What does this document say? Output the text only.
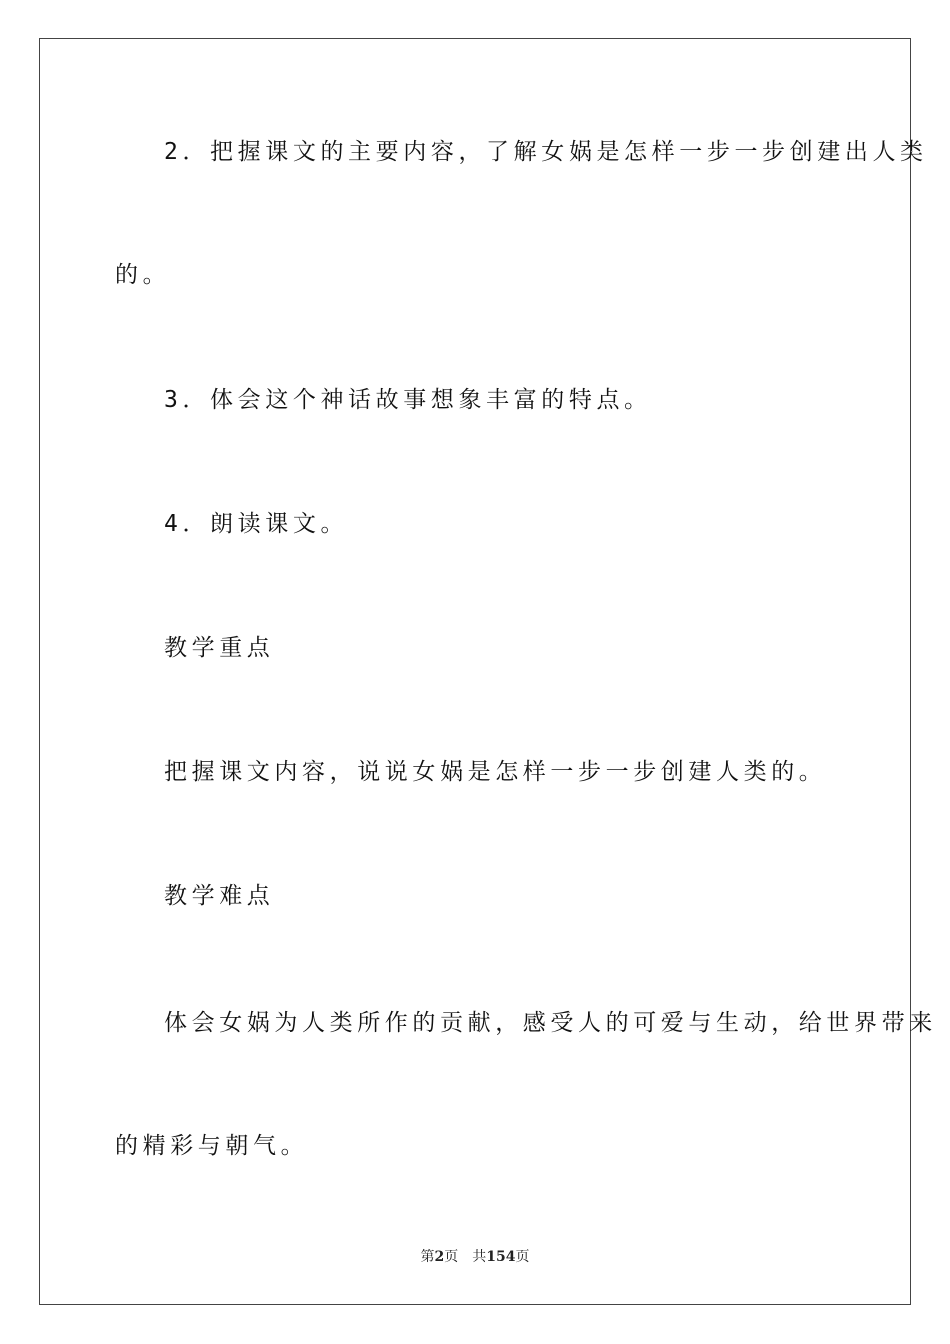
2．把握课文的主要内容，了解女娲是怎样一步一步创建出人类
的。
3．体会这个神话故事想象丰富的特点。
4．朗读课文。
教学重点
把握课文内容，说说女娲是怎样一步一步创建人类的。
教学难点
体会女娲为人类所作的贡献，感受人的可爱与生动，给世界带来
的精彩与朝气。
第2页 共154页
